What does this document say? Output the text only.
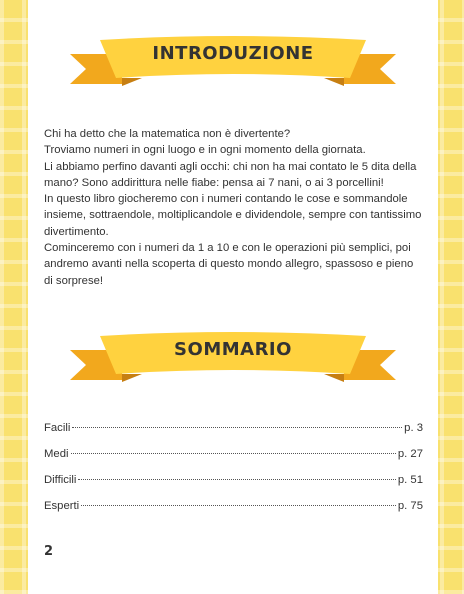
INTRODUZIONE

Chi ha detto che la matematica non è divertente?

Troviamo numeri in ogni luogo e in ogni momento della giornata.

Li abbiamo perfino davanti agli occhi: chi non ha mai contato le 5 dita della mano? Sono addirittura nelle fiabe: pensa ai 7 nani, o ai 3 porcellini!

In questo libro giocheremo con i numeri contando le cose e sommandole insieme, sottraendole, moltiplicandole e dividendole, sempre con tantissimo divertimento.

Cominceremo con i numeri da 1 a 10 e con le operazioni più semplici, poi andremo avanti nella scoperta di questo mondo allegro, spassoso e pieno di sorprese!

SOMMARIO
Facili	p. 3
Medi	p. 27
Difficili	p. 51
Esperti	p. 75
2
